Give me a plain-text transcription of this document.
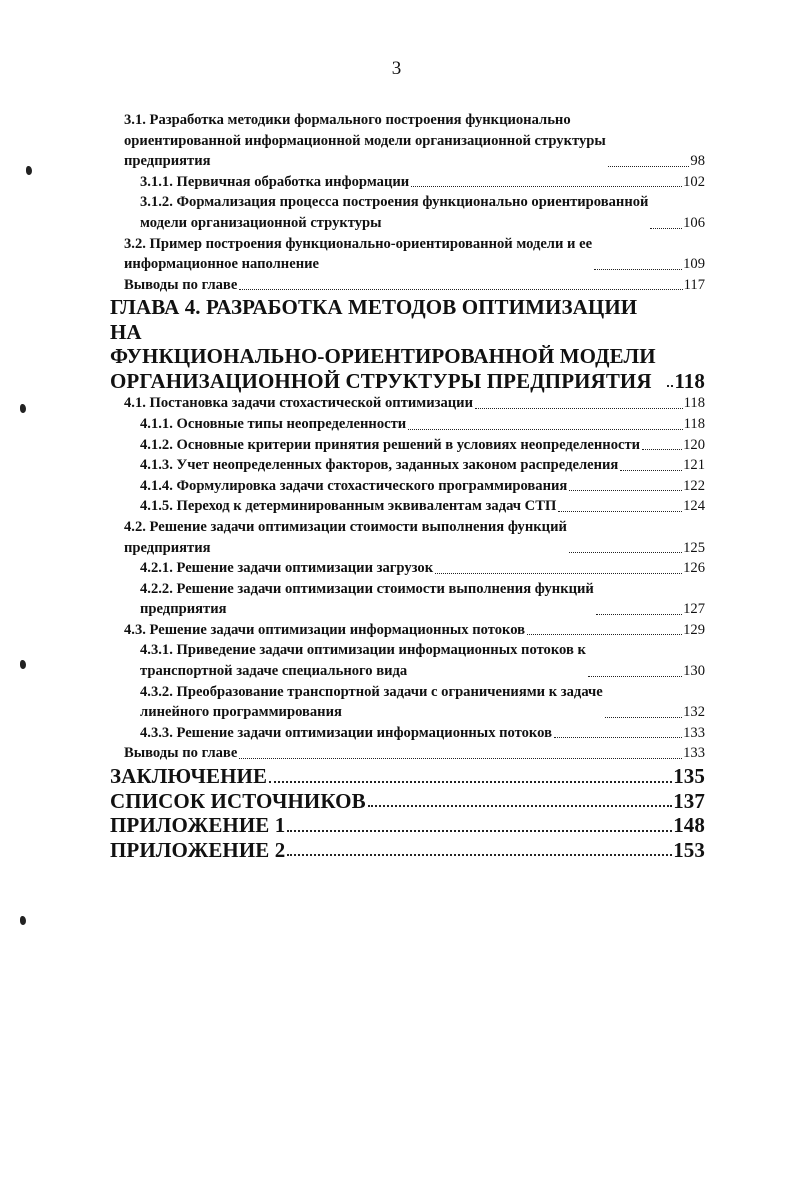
3
3.1. Разработка методики формального построения функционально
ориентированной информационной модели организационной структуры
предприятия	98
3.1.1. Первичная обработка информации	102
3.1.2. Формализация процесса построения функционально ориентированной
модели организационной структуры	106
3.2. Пример построения функционально-ориентированной модели и ее
информационное наполнение	109
Выводы по главе	117
ГЛАВА 4. РАЗРАБОТКА МЕТОДОВ ОПТИМИЗАЦИИ НА
ФУНКЦИОНАЛЬНО-ОРИЕНТИРОВАННОЙ МОДЕЛИ
ОРГАНИЗАЦИОННОЙ СТРУКТУРЫ ПРЕДПРИЯТИЯ	118
4.1. Постановка задачи стохастической оптимизации	118
4.1.1. Основные типы неопределенности	118
4.1.2. Основные критерии принятия решений в условиях неопределенности	120
4.1.3. Учет неопределенных факторов, заданных законом распределения	121
4.1.4. Формулировка задачи стохастического программирования	122
4.1.5. Переход к детерминированным эквивалентам задач СТП	124
4.2. Решение задачи оптимизации стоимости выполнения функций
предприятия	125
4.2.1. Решение задачи оптимизации загрузок	126
4.2.2. Решение задачи оптимизации стоимости выполнения функций
предприятия	127
4.3. Решение задачи оптимизации информационных потоков	129
4.3.1. Приведение задачи оптимизации информационных потоков к
транспортной задаче специального вида	130
4.3.2. Преобразование транспортной задачи с ограничениями к задаче
линейного программирования	132
4.3.3. Решение задачи оптимизации информационных потоков	133
Выводы по главе	133
ЗАКЛЮЧЕНИЕ	135
СПИСОК ИСТОЧНИКОВ	137
ПРИЛОЖЕНИЕ 1	148
ПРИЛОЖЕНИЕ 2	153
